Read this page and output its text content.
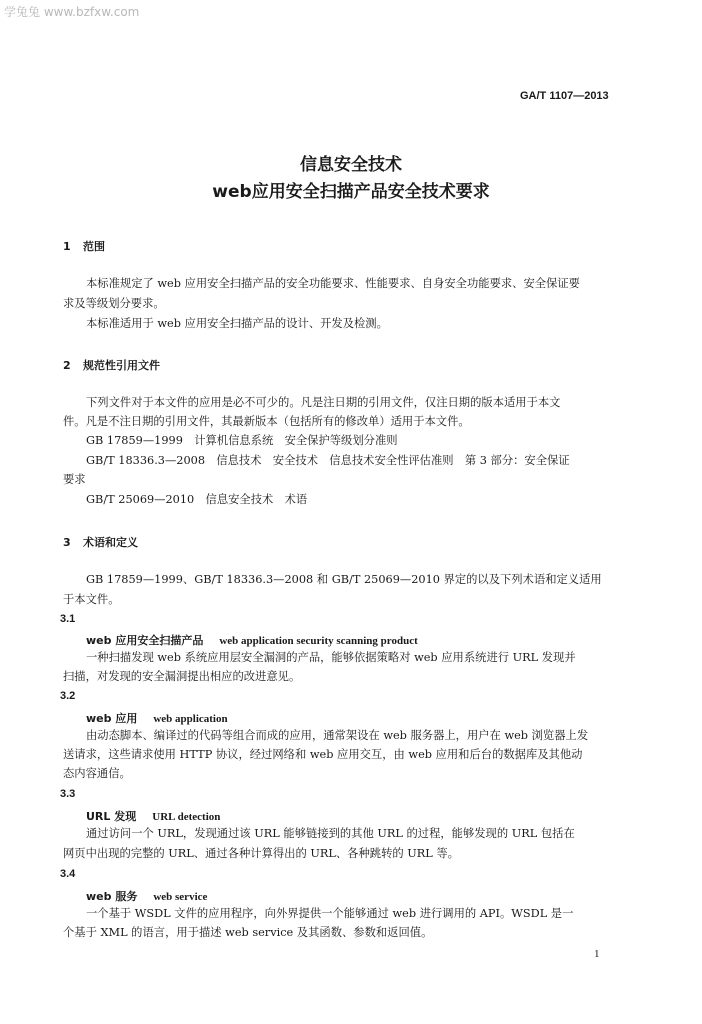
学兔兔 www.bzfxw.com
GA/T 1107—2013
信息安全技术
web应用安全扫描产品安全技术要求
1 范围
本标准规定了 web 应用安全扫描产品的安全功能要求、性能要求、自身安全功能要求、安全保证要
求及等级划分要求。
本标准适用于 web 应用安全扫描产品的设计、开发及检测。
2 规范性引用文件
下列文件对于本文件的应用是必不可少的。凡是注日期的引用文件，仅注日期的版本适用于本文
件。凡是不注日期的引用文件，其最新版本（包括所有的修改单）适用于本文件。
GB 17859—1999　计算机信息系统　安全保护等级划分准则
GB/T 18336.3—2008　信息技术　安全技术　信息技术安全性评估准则　第 3 部分：安全保证
要求
GB/T 25069—2010　信息安全技术　术语
3 术语和定义
GB 17859—1999、GB/T 18336.3—2008 和 GB/T 25069—2010 界定的以及下列术语和定义适用
于本文件。
3.1
web 应用安全扫描产品 web application security scanning product
一种扫描发现 web 系统应用层安全漏洞的产品，能够依据策略对 web 应用系统进行 URL 发现并
扫描，对发现的安全漏洞提出相应的改进意见。
3.2
web 应用 web application
由动态脚本、编译过的代码等组合而成的应用，通常架设在 web 服务器上，用户在 web 浏览器上发
送请求，这些请求使用 HTTP 协议，经过网络和 web 应用交互，由 web 应用和后台的数据库及其他动
态内容通信。
3.3
URL 发现 URL detection
通过访问一个 URL，发现通过该 URL 能够链接到的其他 URL 的过程，能够发现的 URL 包括在
网页中出现的完整的 URL、通过各种计算得出的 URL、各种跳转的 URL 等。
3.4
web 服务 web service
一个基于 WSDL 文件的应用程序，向外界提供一个能够通过 web 进行调用的 API。WSDL 是一
个基于 XML 的语言，用于描述 web service 及其函数、参数和返回值。
1
